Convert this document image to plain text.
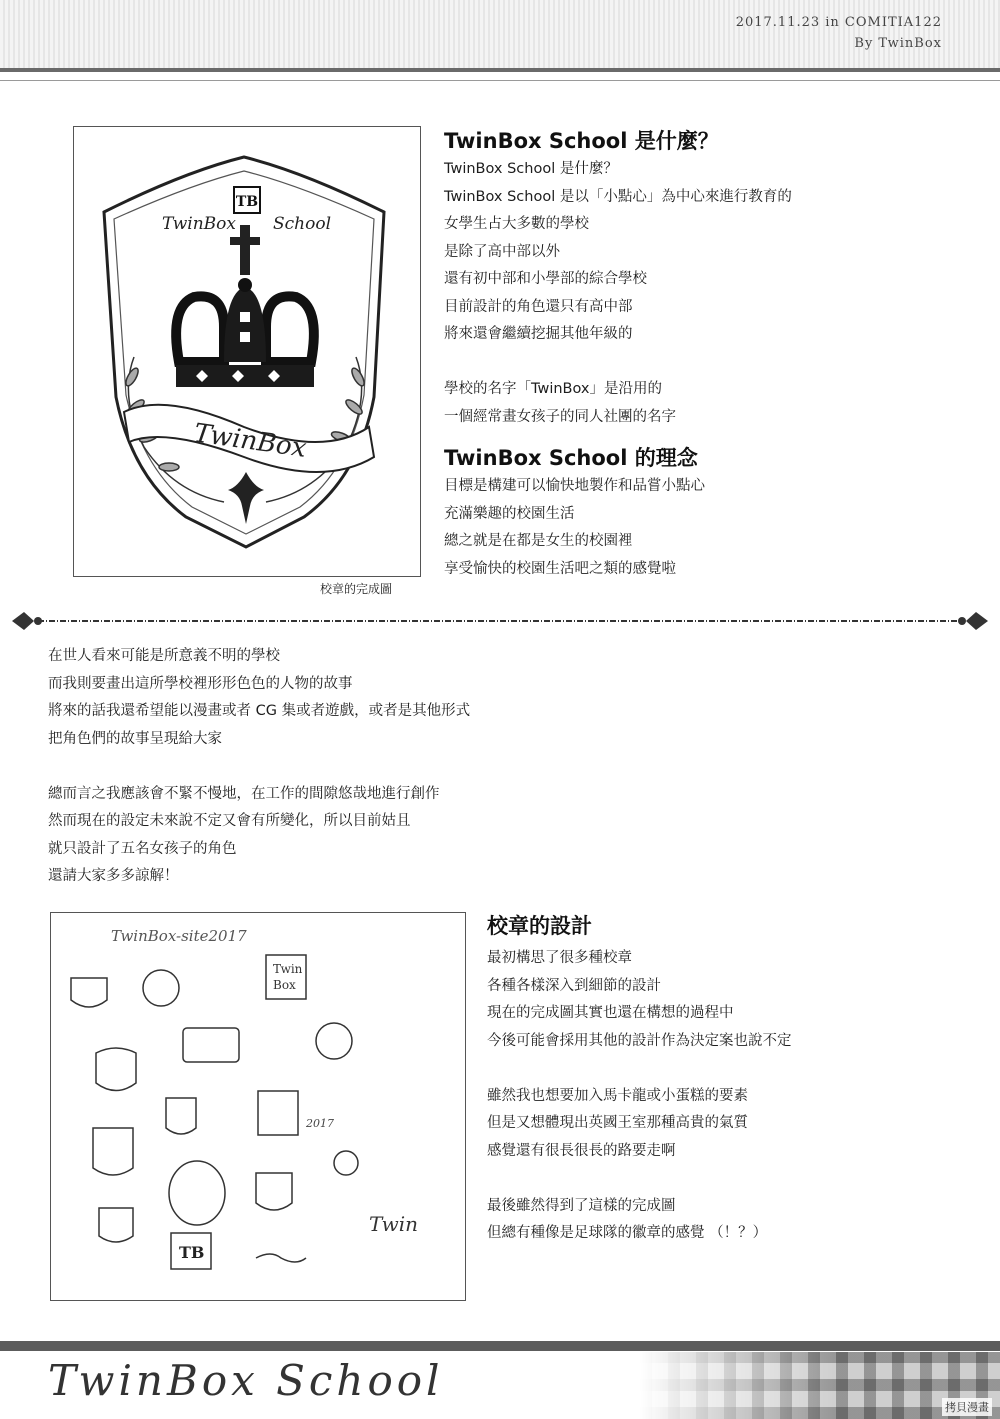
2017.11.23 in COMITIA122
By TwinBox
TB
TwinBox School
TwinBox
校章的完成圖
TwinBox School 是什麼？
TwinBox School 是什麼？
TwinBox School 是以「小點心」為中心來進行教育的
女學生占大多數的學校
是除了高中部以外
還有初中部和小學部的綜合學校
目前設計的角色還只有高中部
將來還會繼續挖掘其他年級的
學校的名字「TwinBox」是沿用的
一個經常畫女孩子的同人社團的名字
TwinBox School 的理念
目標是構建可以愉快地製作和品嘗小點心
充滿樂趣的校園生活
總之就是在都是女生的校園裡
享受愉快的校園生活吧之類的感覺啦
在世人看來可能是所意義不明的學校
而我則要畫出這所學校裡形形色色的人物的故事
將來的話我還希望能以漫畫或者 CG 集或者遊戲，或者是其他形式
把角色們的故事呈現給大家
總而言之我應該會不緊不慢地，在工作的間隙悠哉地進行創作
然而現在的設定未來說不定又會有所變化，所以目前姑且
就只設計了五名女孩子的角色
還請大家多多諒解！
TwinBox-site2017
Twin
Box
2017
Twin
TB
校章的設計
最初構思了很多種校章
各種各樣深入到細節的設計
現在的完成圖其實也還在構想的過程中
今後可能會採用其他的設計作為決定案也說不定
雖然我也想要加入馬卡龍或小蛋糕的要素
但是又想體現出英國王室那種高貴的氣質
感覺還有很長很長的路要走啊
最後雖然得到了這樣的完成圖
但總有種像是足球隊的徽章的感覺 （！？）
TwinBox School
拷貝漫畫
